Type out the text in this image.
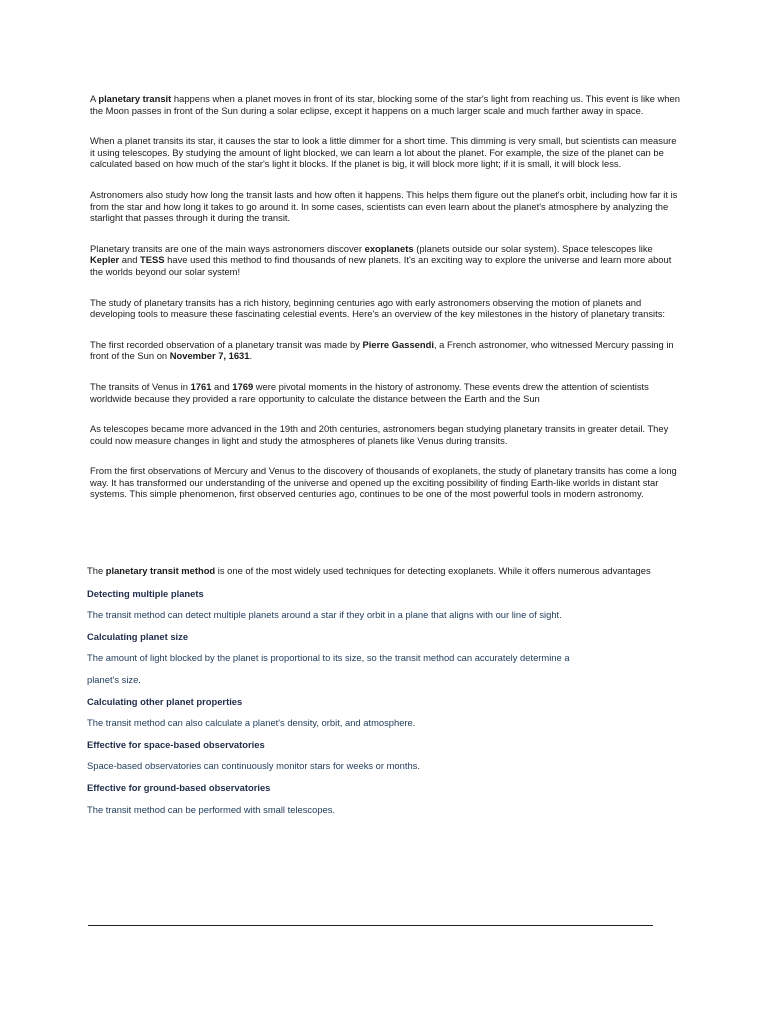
A planetary transit happens when a planet moves in front of its star, blocking some of the star's light from reaching us. This event is like when the Moon passes in front of the Sun during a solar eclipse, except it happens on a much larger scale and much farther away in space.

When a planet transits its star, it causes the star to look a little dimmer for a short time. This dimming is very small, but scientists can measure it using telescopes. By studying the amount of light blocked, we can learn a lot about the planet. For example, the size of the planet can be calculated based on how much of the star's light it blocks. If the planet is big, it will block more light; if it is small, it will block less.

Astronomers also study how long the transit lasts and how often it happens. This helps them figure out the planet's orbit, including how far it is from the star and how long it takes to go around it. In some cases, scientists can even learn about the planet's atmosphere by analyzing the starlight that passes through it during the transit.

Planetary transits are one of the main ways astronomers discover exoplanets (planets outside our solar system). Space telescopes like Kepler and TESS have used this method to find thousands of new planets. It's an exciting way to explore the universe and learn more about the worlds beyond our solar system!

The study of planetary transits has a rich history, beginning centuries ago with early astronomers observing the motion of planets and developing tools to measure these fascinating celestial events. Here's an overview of the key milestones in the history of planetary transits:

The first recorded observation of a planetary transit was made by Pierre Gassendi, a French astronomer, who witnessed Mercury passing in front of the Sun on November 7, 1631.

The transits of Venus in 1761 and 1769 were pivotal moments in the history of astronomy. These events drew the attention of scientists worldwide because they provided a rare opportunity to calculate the distance between the Earth and the Sun

As telescopes became more advanced in the 19th and 20th centuries, astronomers began studying planetary transits in greater detail. They could now measure changes in light and study the atmospheres of planets like Venus during transits.

From the first observations of Mercury and Venus to the discovery of thousands of exoplanets, the study of planetary transits has come a long way. It has transformed our understanding of the universe and opened up the exciting possibility of finding Earth-like worlds in distant star systems. This simple phenomenon, first observed centuries ago, continues to be one of the most powerful tools in modern astronomy.

The planetary transit method is one of the most widely used techniques for detecting exoplanets. While it offers numerous advantages

Detecting multiple planets

The transit method can detect multiple planets around a star if they orbit in a plane that aligns with our line of sight.

Calculating planet size

The amount of light blocked by the planet is proportional to its size, so the transit method can accurately determine a

planet's size.

Calculating other planet properties

The transit method can also calculate a planet's density, orbit, and atmosphere.

Effective for space-based observatories

Space-based observatories can continuously monitor stars for weeks or months.

Effective for ground-based observatories

The transit method can be performed with small telescopes.
